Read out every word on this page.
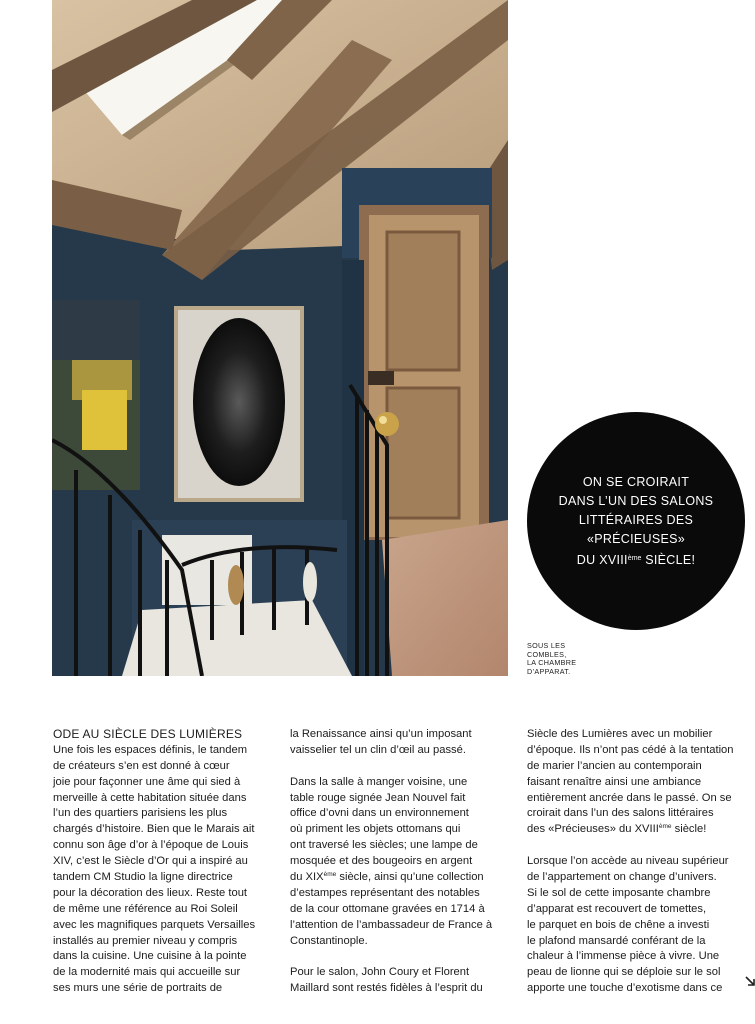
ON SE CROIRAIT
DANS L’UN DES SALONS
LITTÉRAIRES DES
«PRÉCIEUSES»
DU XVIIIème SIÈCLE!
SOUS LES
COMBLES,
LA CHAMBRE
D’APPARAT.
ODE AU SIÈCLE DES LUMIÈRES
Une fois les espaces définis, le tandem
de créateurs s’en est donné à cœur
joie pour façonner une âme qui sied à
merveille à cette habitation située dans
l’un des quartiers parisiens les plus
chargés d’histoire. Bien que le Marais ait
connu son âge d’or à l’époque de Louis
XIV, c’est le Siècle d’Or qui a inspiré au
tandem CM Studio la ligne directrice
pour la décoration des lieux. Reste tout
de même une référence au Roi Soleil
avec les magnifiques parquets Versailles
installés au premier niveau y compris
dans la cuisine. Une cuisine à la pointe
de la modernité mais qui accueille sur
ses murs une série de portraits de
la Renaissance ainsi qu’un imposant
vaisselier tel un clin d’œil au passé.
Dans la salle à manger voisine, une
table rouge signée Jean Nouvel fait
office d’ovni dans un environnement
où priment les objets ottomans qui
ont traversé les siècles; une lampe de
mosquée et des bougeoirs en argent
du XIXème siècle, ainsi qu’une collection
d’estampes représentant des notables
de la cour ottomane gravées en 1714 à
l’attention de l’ambassadeur de France à
Constantinople.
Pour le salon, John Coury et Florent
Maillard sont restés fidèles à l’esprit du
Siècle des Lumières avec un mobilier
d’époque. Ils n’ont pas cédé à la tentation
de marier l’ancien au contemporain
faisant renaître ainsi une ambiance
entièrement ancrée dans le passé. On se
croirait dans l’un des salons littéraires
des «Précieuses» du XVIIIème siècle!
Lorsque l’on accède au niveau supérieur
de l’appartement on change d’univers.
Si le sol de cette imposante chambre
d’apparat est recouvert de tomettes,
le parquet en bois de chêne a investi
le plafond mansardé conférant de la
chaleur à l’immense pièce à vivre. Une
peau de lionne qui se déploie sur le sol
apporte une touche d’exotisme dans ce
